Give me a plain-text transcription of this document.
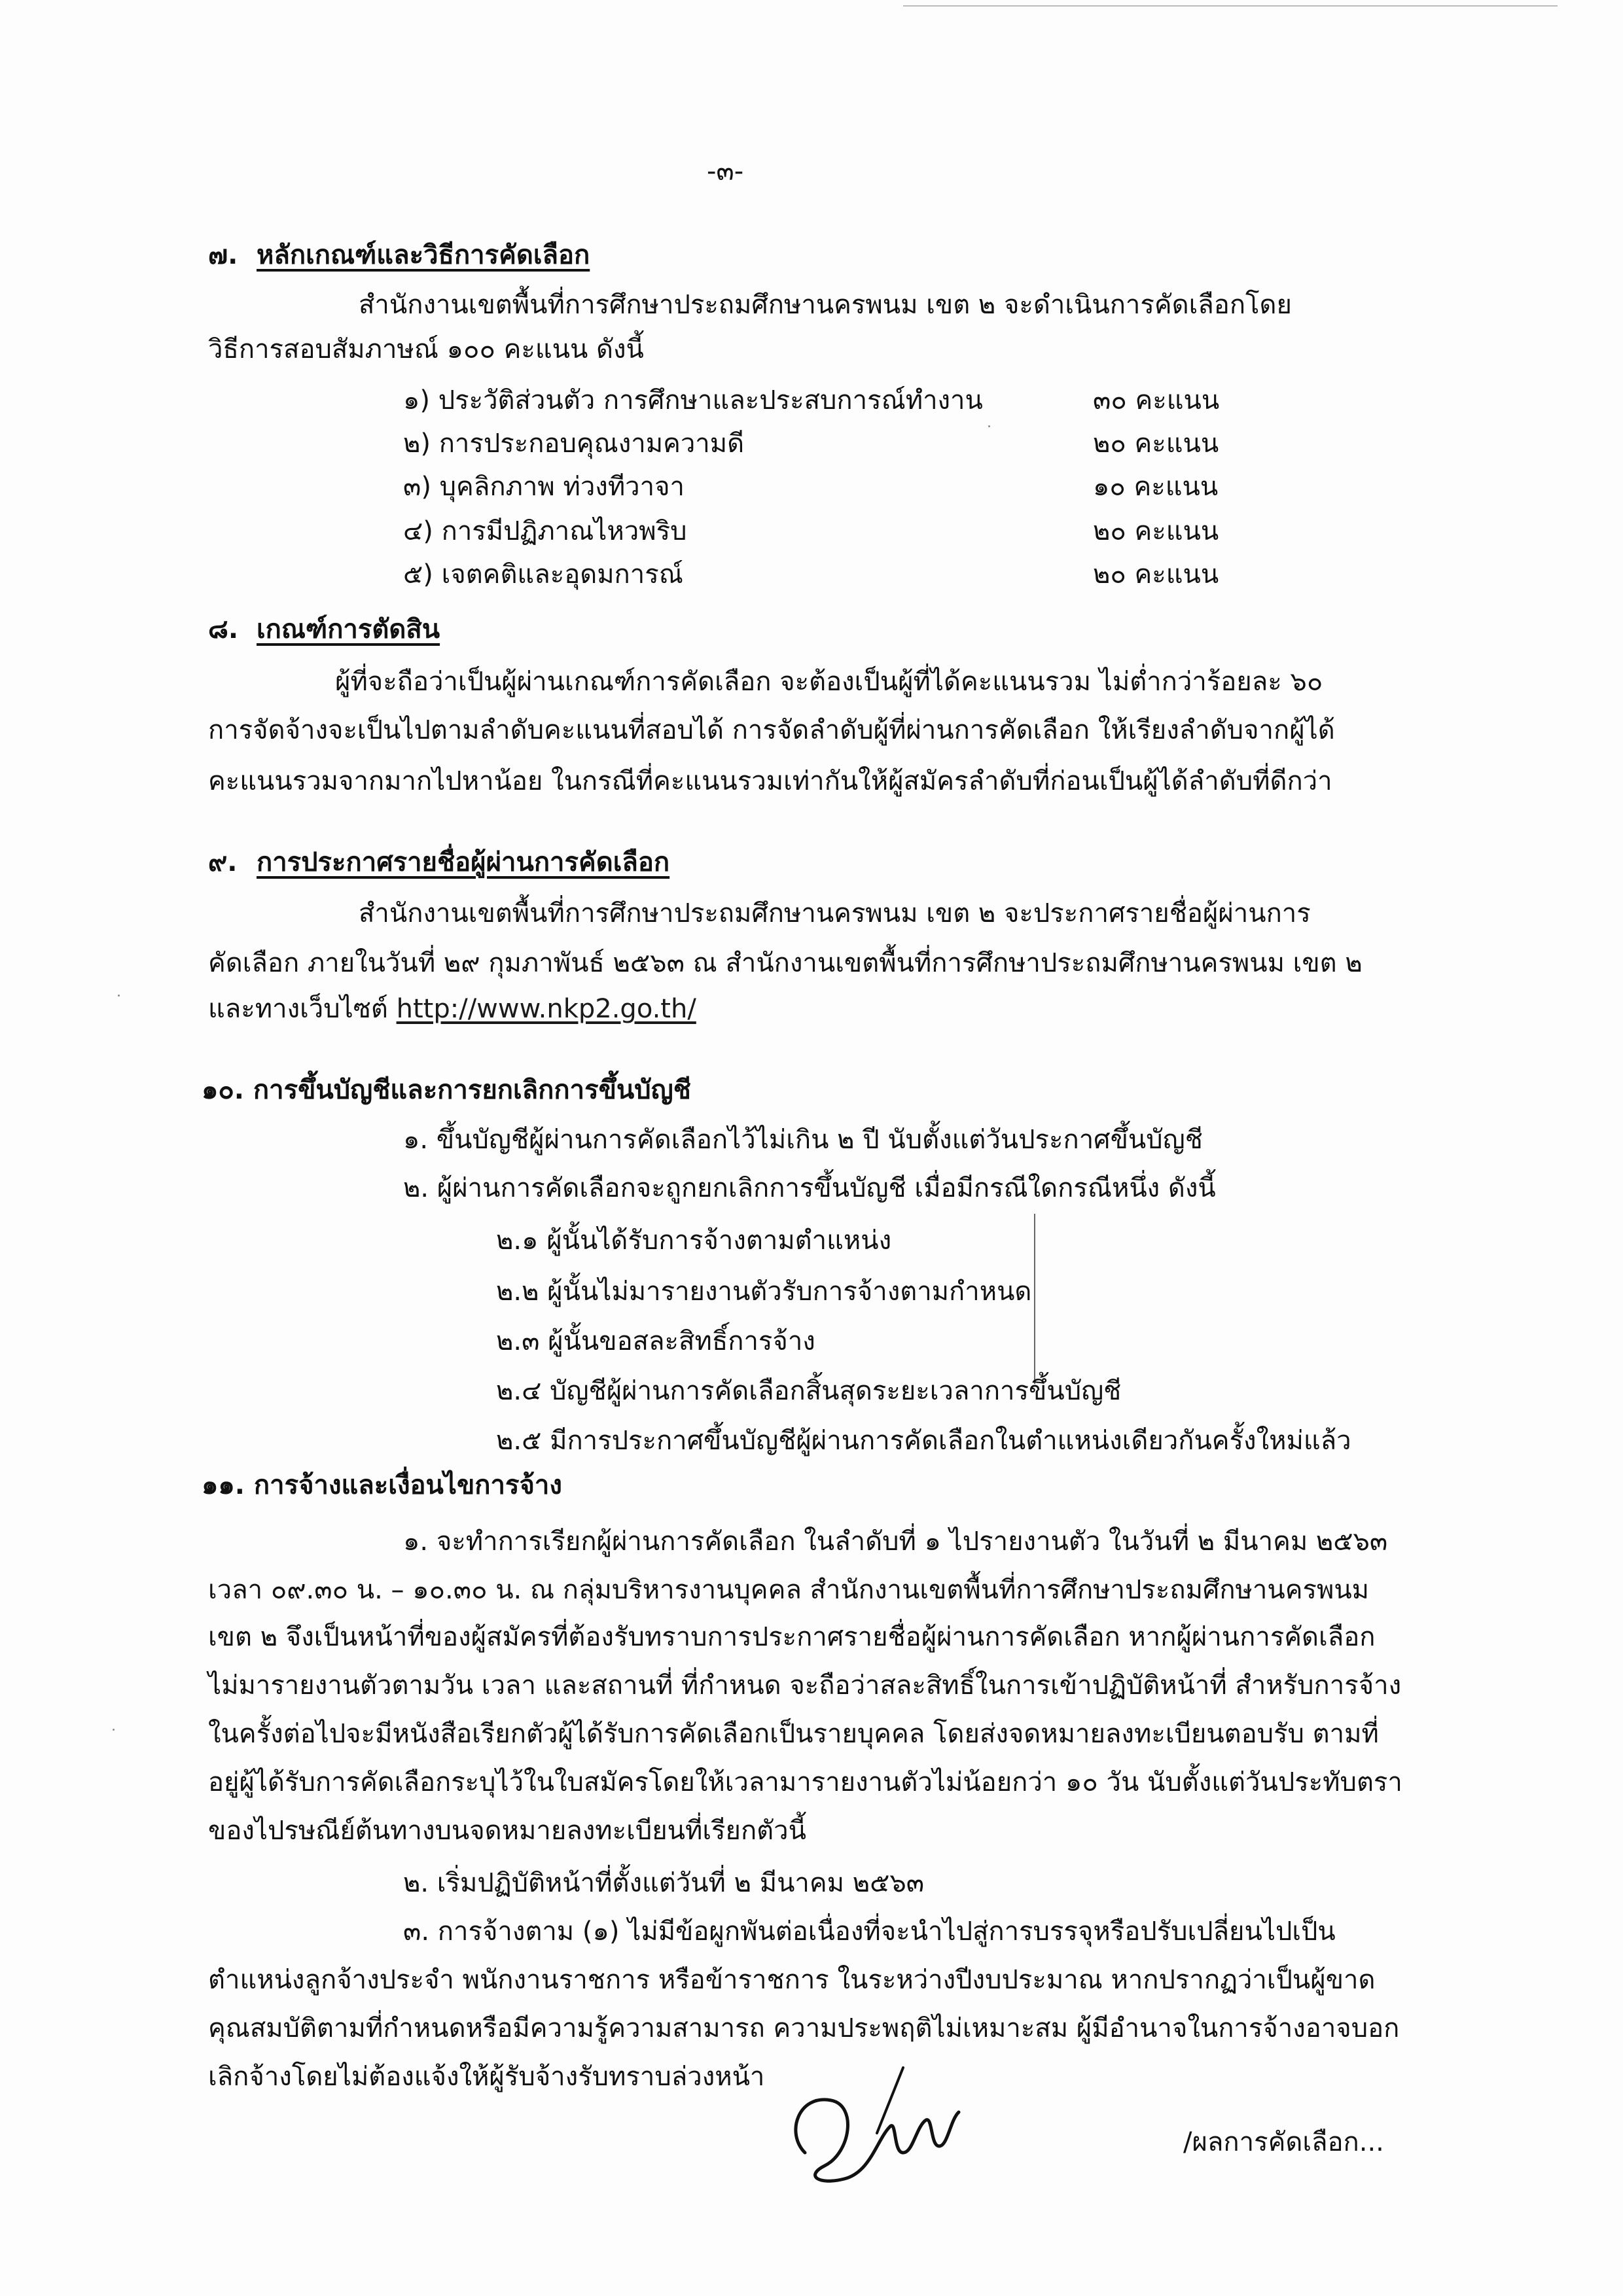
-๓-
๗. หลักเกณฑ์และวิธีการคัดเลือก
สำนักงานเขตพื้นที่การศึกษาประถมศึกษานครพนม เขต ๒ จะดำเนินการคัดเลือกโดย
วิธีการสอบสัมภาษณ์ ๑๐๐ คะแนน ดังนี้
๑) ประวัติส่วนตัว การศึกษาและประสบการณ์ทำงาน	๓๐ คะแนน
๒) การประกอบคุณงามความดี	๒๐ คะแนน
๓) บุคลิกภาพ ท่วงทีวาจา	๑๐ คะแนน
๔) การมีปฏิภาณไหวพริบ	๒๐ คะแนน
๕) เจตคติและอุดมการณ์	๒๐ คะแนน
๘. เกณฑ์การตัดสิน
ผู้ที่จะถือว่าเป็นผู้ผ่านเกณฑ์การคัดเลือก จะต้องเป็นผู้ที่ได้คะแนนรวม ไม่ต่ำกว่าร้อยละ ๖๐
การจัดจ้างจะเป็นไปตามลำดับคะแนนที่สอบได้ การจัดลำดับผู้ที่ผ่านการคัดเลือก ให้เรียงลำดับจากผู้ได้
คะแนนรวมจากมากไปหาน้อย ในกรณีที่คะแนนรวมเท่ากันให้ผู้สมัครลำดับที่ก่อนเป็นผู้ได้ลำดับที่ดีกว่า
๙. การประกาศรายชื่อผู้ผ่านการคัดเลือก
สำนักงานเขตพื้นที่การศึกษาประถมศึกษานครพนม เขต ๒ จะประกาศรายชื่อผู้ผ่านการ
คัดเลือก ภายในวันที่ ๒๙ กุมภาพันธ์ ๒๕๖๓ ณ สำนักงานเขตพื้นที่การศึกษาประถมศึกษานครพนม เขต ๒
และทางเว็บไซต์ http://www.nkp2.go.th/
๑๐. การขึ้นบัญชีและการยกเลิกการขึ้นบัญชี
๑. ขึ้นบัญชีผู้ผ่านการคัดเลือกไว้ไม่เกิน ๒ ปี นับตั้งแต่วันประกาศขึ้นบัญชี
๒. ผู้ผ่านการคัดเลือกจะถูกยกเลิกการขึ้นบัญชี เมื่อมีกรณีใดกรณีหนึ่ง ดังนี้
๒.๑ ผู้นั้นได้รับการจ้างตามตำแหน่ง
๒.๒ ผู้นั้นไม่มารายงานตัวรับการจ้างตามกำหนด
๒.๓ ผู้นั้นขอสละสิทธิ์การจ้าง
๒.๔ บัญชีผู้ผ่านการคัดเลือกสิ้นสุดระยะเวลาการขึ้นบัญชี
๒.๕ มีการประกาศขึ้นบัญชีผู้ผ่านการคัดเลือกในตำแหน่งเดียวกันครั้งใหม่แล้ว
๑๑. การจ้างและเงื่อนไขการจ้าง
๑. จะทำการเรียกผู้ผ่านการคัดเลือก ในลำดับที่ ๑ ไปรายงานตัว ในวันที่ ๒ มีนาคม ๒๕๖๓
เวลา ๐๙.๓๐ น. – ๑๐.๓๐ น. ณ กลุ่มบริหารงานบุคคล สำนักงานเขตพื้นที่การศึกษาประถมศึกษานครพนม
เขต ๒ จึงเป็นหน้าที่ของผู้สมัครที่ต้องรับทราบการประกาศรายชื่อผู้ผ่านการคัดเลือก หากผู้ผ่านการคัดเลือก
ไม่มารายงานตัวตามวัน เวลา และสถานที่ ที่กำหนด จะถือว่าสละสิทธิ์ในการเข้าปฏิบัติหน้าที่ สำหรับการจ้าง
ในครั้งต่อไปจะมีหนังสือเรียกตัวผู้ได้รับการคัดเลือกเป็นรายบุคคล โดยส่งจดหมายลงทะเบียนตอบรับ ตามที่
อยู่ผู้ได้รับการคัดเลือกระบุไว้ในใบสมัครโดยให้เวลามารายงานตัวไม่น้อยกว่า ๑๐ วัน นับตั้งแต่วันประทับตรา
ของไปรษณีย์ต้นทางบนจดหมายลงทะเบียนที่เรียกตัวนี้
๒. เริ่มปฏิบัติหน้าที่ตั้งแต่วันที่ ๒ มีนาคม ๒๕๖๓
๓. การจ้างตาม (๑) ไม่มีข้อผูกพันต่อเนื่องที่จะนำไปสู่การบรรจุหรือปรับเปลี่ยนไปเป็น
ตำแหน่งลูกจ้างประจำ พนักงานราชการ หรือข้าราชการ ในระหว่างปีงบประมาณ หากปรากฏว่าเป็นผู้ขาด
คุณสมบัติตามที่กำหนดหรือมีความรู้ความสามารถ ความประพฤติไม่เหมาะสม ผู้มีอำนาจในการจ้างอาจบอก
เลิกจ้างโดยไม่ต้องแจ้งให้ผู้รับจ้างรับทราบล่วงหน้า
/ผลการคัดเลือก...
